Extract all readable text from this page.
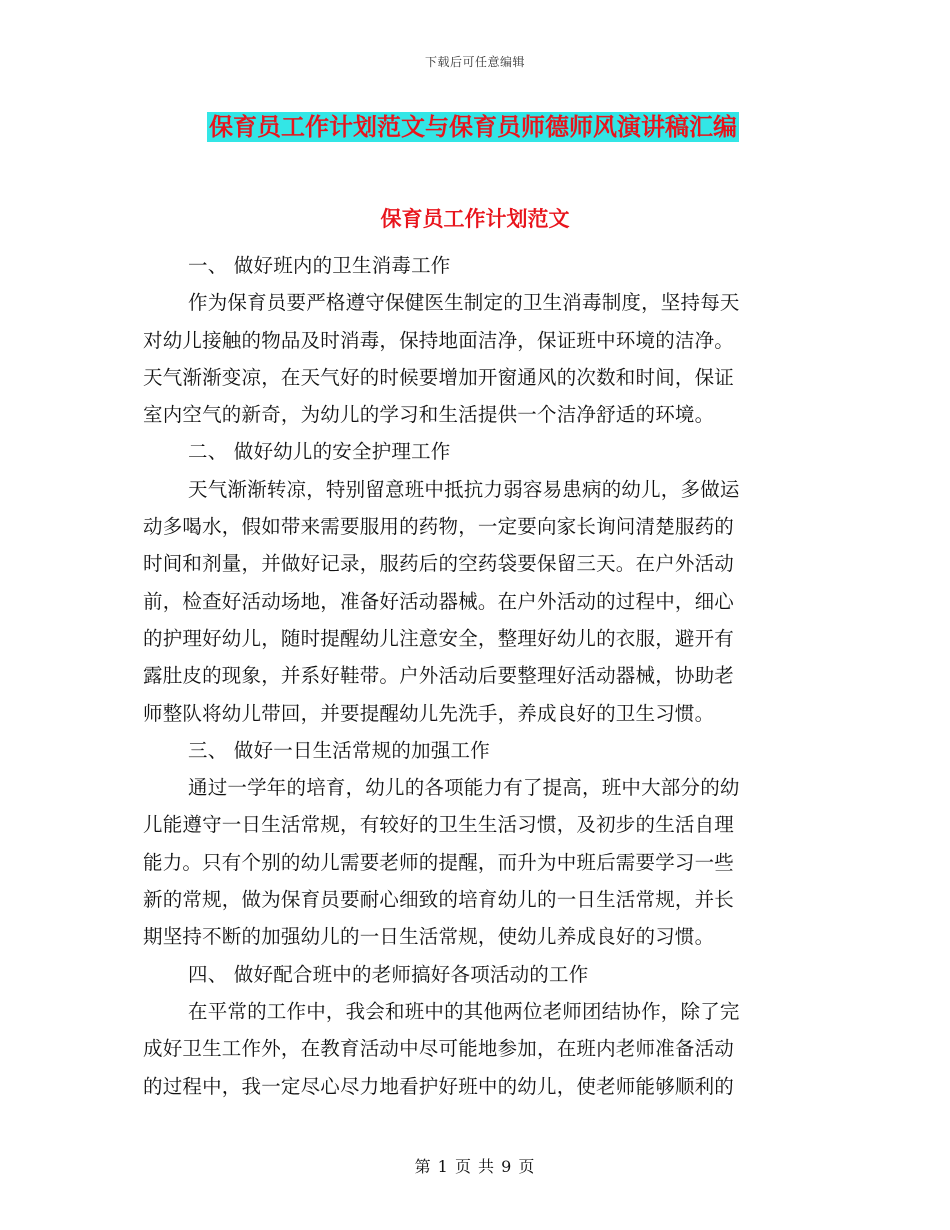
下载后可任意编辑
保育员工作计划范文与保育员师德师风演讲稿汇编
保育员工作计划范文
一、 做好班内的卫生消毒工作
作为保育员要严格遵守保健医生制定的卫生消毒制度，坚持每天
对幼儿接触的物品及时消毒，保持地面洁净，保证班中环境的洁净。
天气渐渐变凉，在天气好的时候要增加开窗通风的次数和时间，保证
室内空气的新奇，为幼儿的学习和生活提供一个洁净舒适的环境。
二、 做好幼儿的安全护理工作
天气渐渐转凉，特别留意班中抵抗力弱容易患病的幼儿，多做运
动多喝水，假如带来需要服用的药物，一定要向家长询问清楚服药的
时间和剂量，并做好记录，服药后的空药袋要保留三天。在户外活动
前，检查好活动场地，准备好活动器械。在户外活动的过程中，细心
的护理好幼儿，随时提醒幼儿注意安全，整理好幼儿的衣服，避开有
露肚皮的现象，并系好鞋带。户外活动后要整理好活动器械，协助老
师整队将幼儿带回，并要提醒幼儿先洗手，养成良好的卫生习惯。
三、 做好一日生活常规的加强工作
通过一学年的培育，幼儿的各项能力有了提高，班中大部分的幼
儿能遵守一日生活常规，有较好的卫生生活习惯，及初步的生活自理
能力。只有个别的幼儿需要老师的提醒，而升为中班后需要学习一些
新的常规，做为保育员要耐心细致的培育幼儿的一日生活常规，并长
期坚持不断的加强幼儿的一日生活常规，使幼儿养成良好的习惯。
四、 做好配合班中的老师搞好各项活动的工作
在平常的工作中，我会和班中的其他两位老师团结协作，除了完
成好卫生工作外，在教育活动中尽可能地参加，在班内老师准备活动
的过程中，我一定尽心尽力地看护好班中的幼儿，使老师能够顺利的
第 1 页 共 9 页
